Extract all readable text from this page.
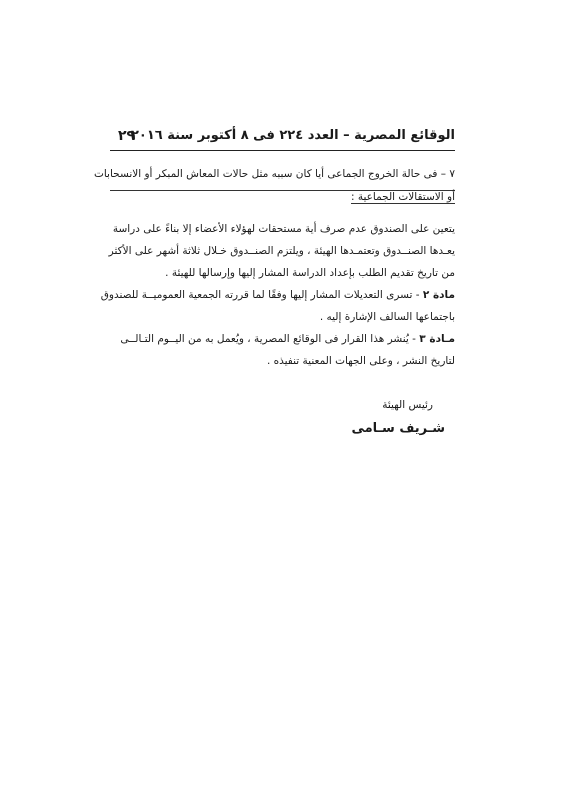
الوقائع المصرية – العدد ٢٢٤ فى ٨ أكتوبر سنة ٢٠١٦
٢٩
٧ – فى حالة الخروج الجماعى أيا كان سببه مثل حالات المعاش المبكر أو الانسحابات
أو الاستقالات الجماعية :
يتعين على الصندوق عدم صرف أية مستحقات لهؤلاء الأعضاء إلا بناءً على دراسة
يعـدها الصنــدوق وتعتمـدها الهيئة ، ويلتزم الصنــدوق خـلال ثلاثة أشهر على الأكثر
من تاريخ تقديم الطلب بإعداد الدراسة المشار إليها وإرسالها للهيئة .
مادة ٢ - تسرى التعديلات المشار إليها وفقًا لما قررته الجمعية العموميــة للصندوق
باجتماعها السالف الإشارة إليه .
مـادة ٣ - يُنشر هذا القرار فى الوقائع المصرية ، ويُعمل به من اليــوم التـالــى
لتاريخ النشر ، وعلى الجهات المعنية تنفيذه .
رئيس الهيئة
شـريف سـامى
